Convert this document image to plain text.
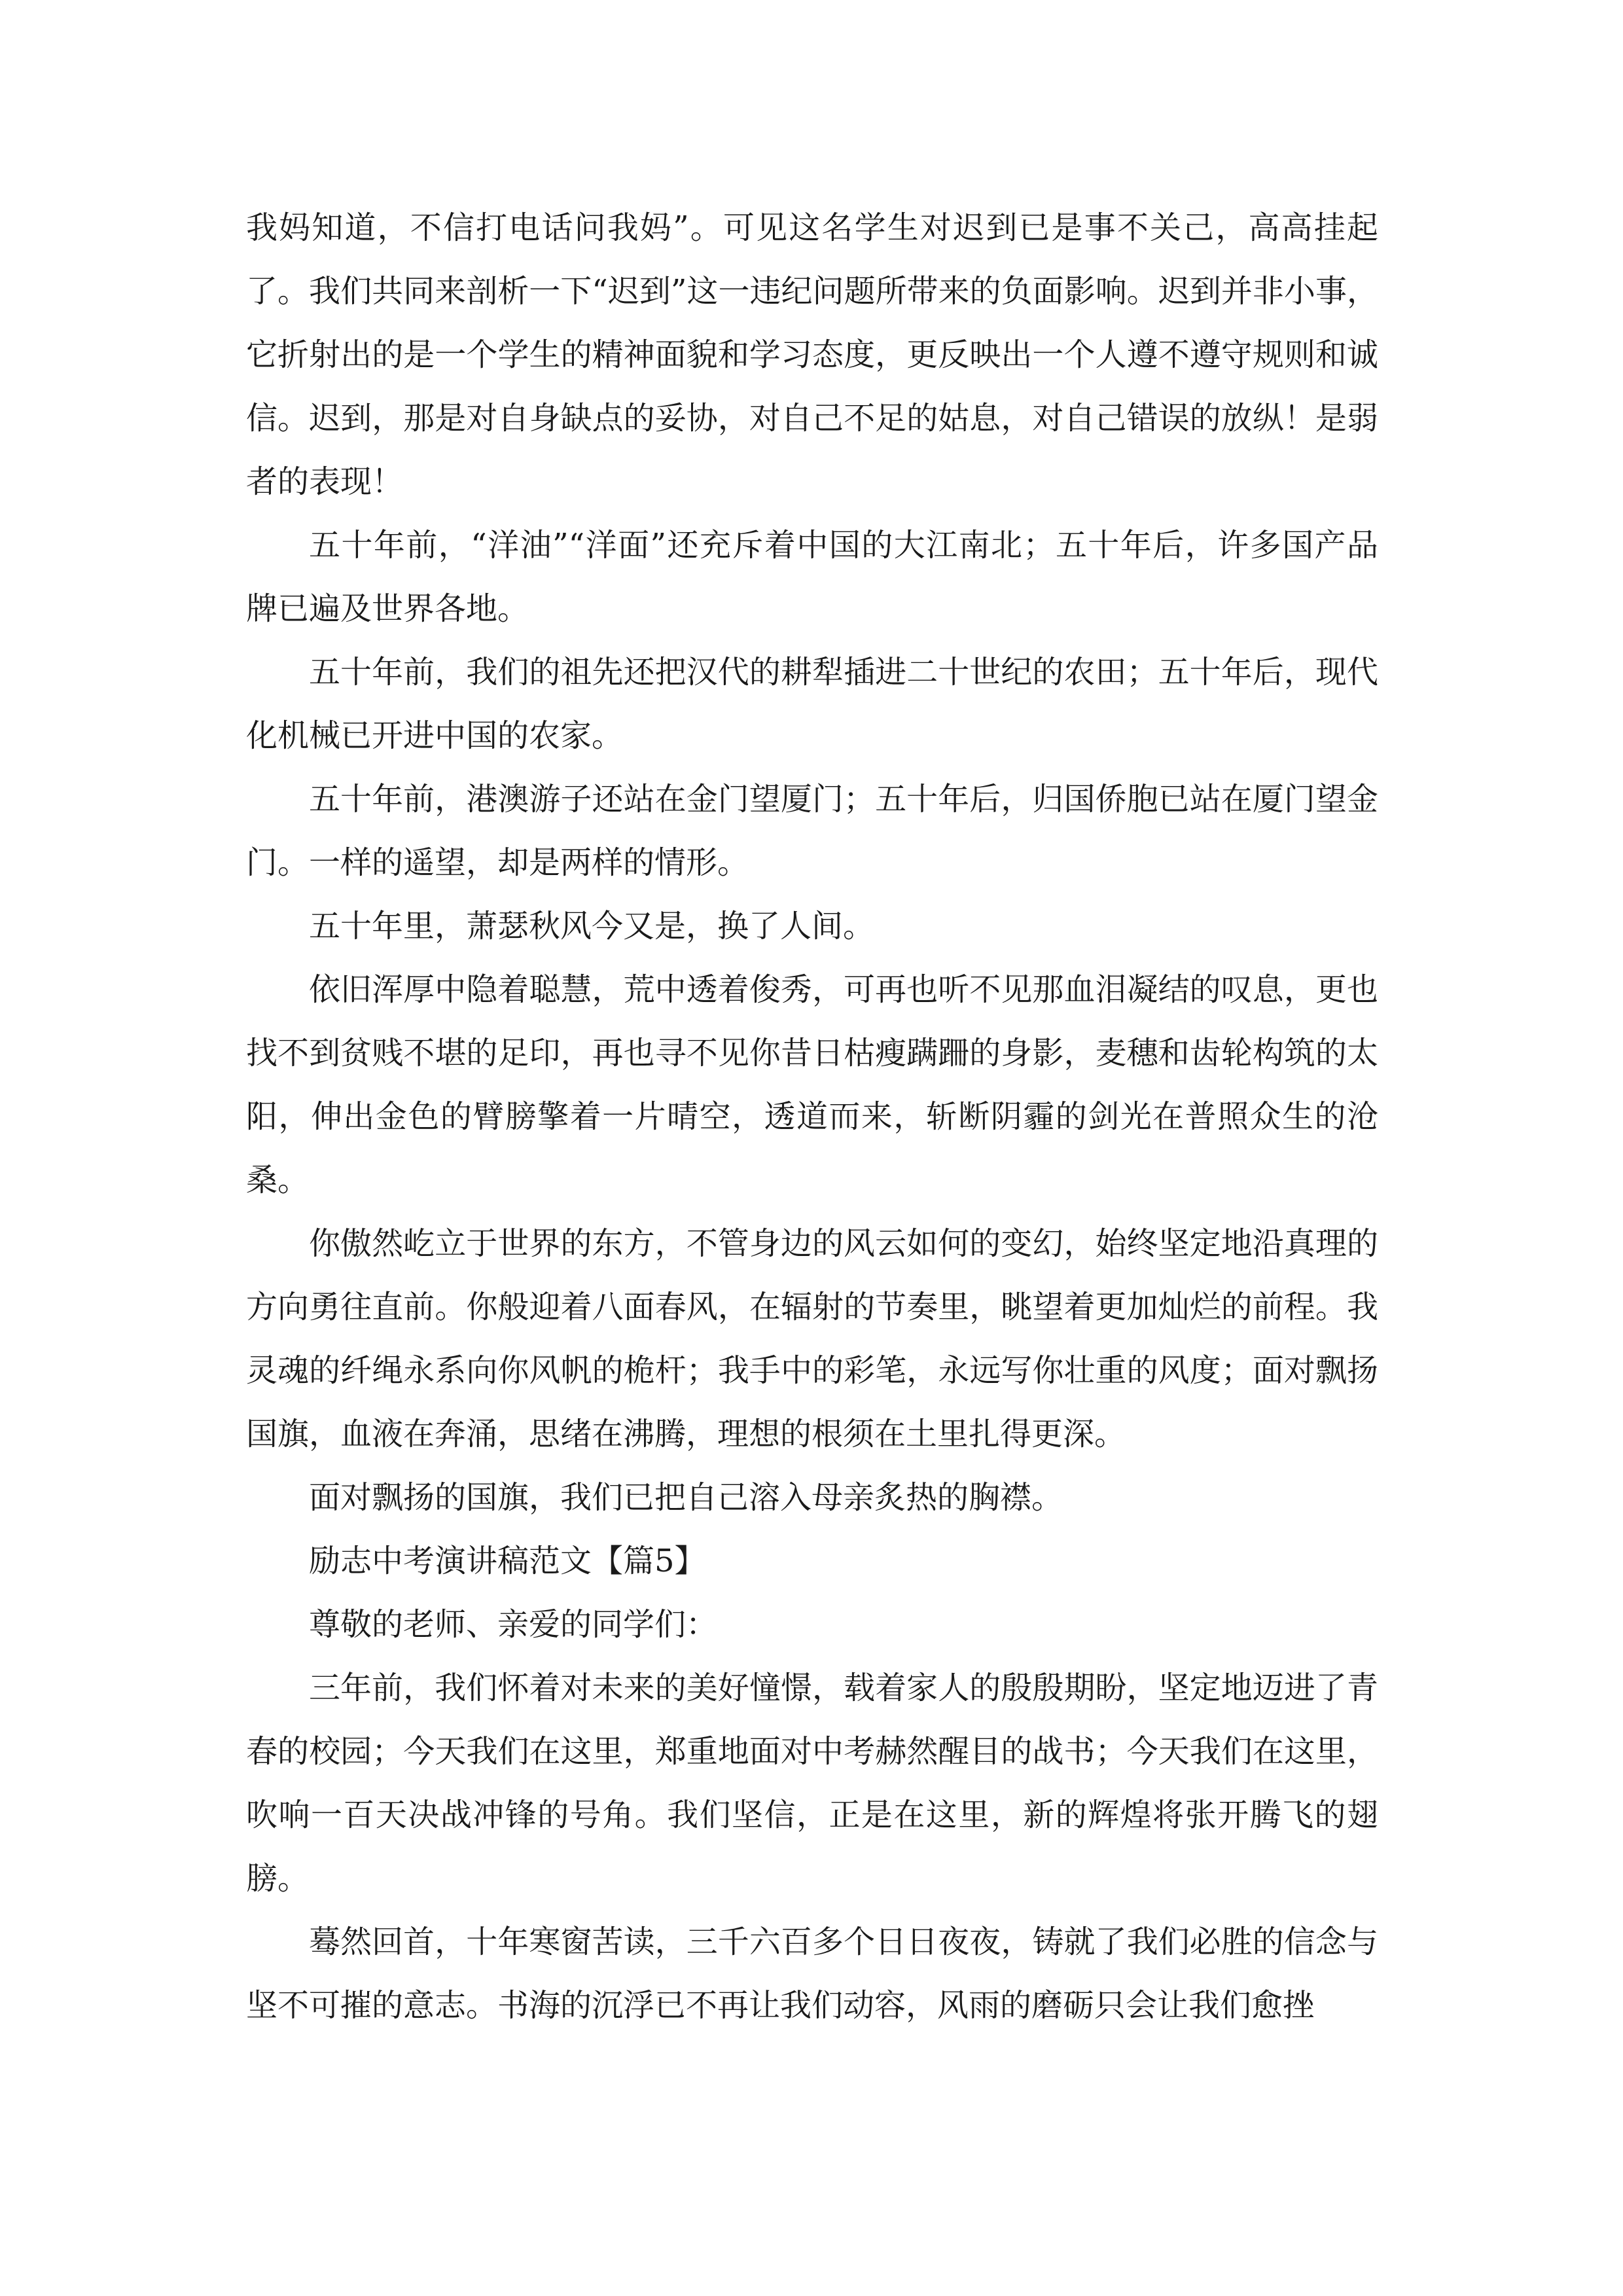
我妈知道，不信打电话问我妈”。可见这名学生对迟到已是事不关己，高高挂起了。我们共同来剖析一下“迟到”这一违纪问题所带来的负面影响。迟到并非小事，它折射出的是一个学生的精神面貌和学习态度，更反映出一个人遵不遵守规则和诚信。迟到，那是对自身缺点的妥协，对自己不足的姑息，对自己错误的放纵！是弱者的表现！

五十年前，“洋油”“洋面”还充斥着中国的大江南北；五十年后，许多国产品牌已遍及世界各地。

五十年前，我们的祖先还把汉代的耕犁插进二十世纪的农田；五十年后，现代化机械已开进中国的农家。

五十年前，港澳游子还站在金门望厦门；五十年后，归国侨胞已站在厦门望金门。一样的遥望，却是两样的情形。

五十年里，萧瑟秋风今又是，换了人间。

依旧浑厚中隐着聪慧，荒中透着俊秀，可再也听不见那血泪凝结的叹息，更也找不到贫贱不堪的足印，再也寻不见你昔日枯瘦蹒跚的身影，麦穗和齿轮构筑的太阳，伸出金色的臂膀擎着一片晴空，透道而来，斩断阴霾的剑光在普照众生的沧桑。

你傲然屹立于世界的东方，不管身边的风云如何的变幻，始终坚定地沿真理的方向勇往直前。你般迎着八面春风，在辐射的节奏里，眺望着更加灿烂的前程。我灵魂的纤绳永系向你风帆的桅杆；我手中的彩笔，永远写你壮重的风度；面对飘扬国旗，血液在奔涌，思绪在沸腾，理想的根须在土里扎得更深。

面对飘扬的国旗，我们已把自己溶入母亲炙热的胸襟。

励志中考演讲稿范文【篇5】

尊敬的老师、亲爱的同学们：

三年前，我们怀着对未来的美好憧憬，载着家人的殷殷期盼，坚定地迈进了青春的校园；今天我们在这里，郑重地面对中考赫然醒目的战书；今天我们在这里，吹响一百天决战冲锋的号角。我们坚信，正是在这里，新的辉煌将张开腾飞的翅膀。

蓦然回首，十年寒窗苦读，三千六百多个日日夜夜，铸就了我们必胜的信念与坚不可摧的意志。书海的沉浮已不再让我们动容，风雨的磨砺只会让我们愈挫
